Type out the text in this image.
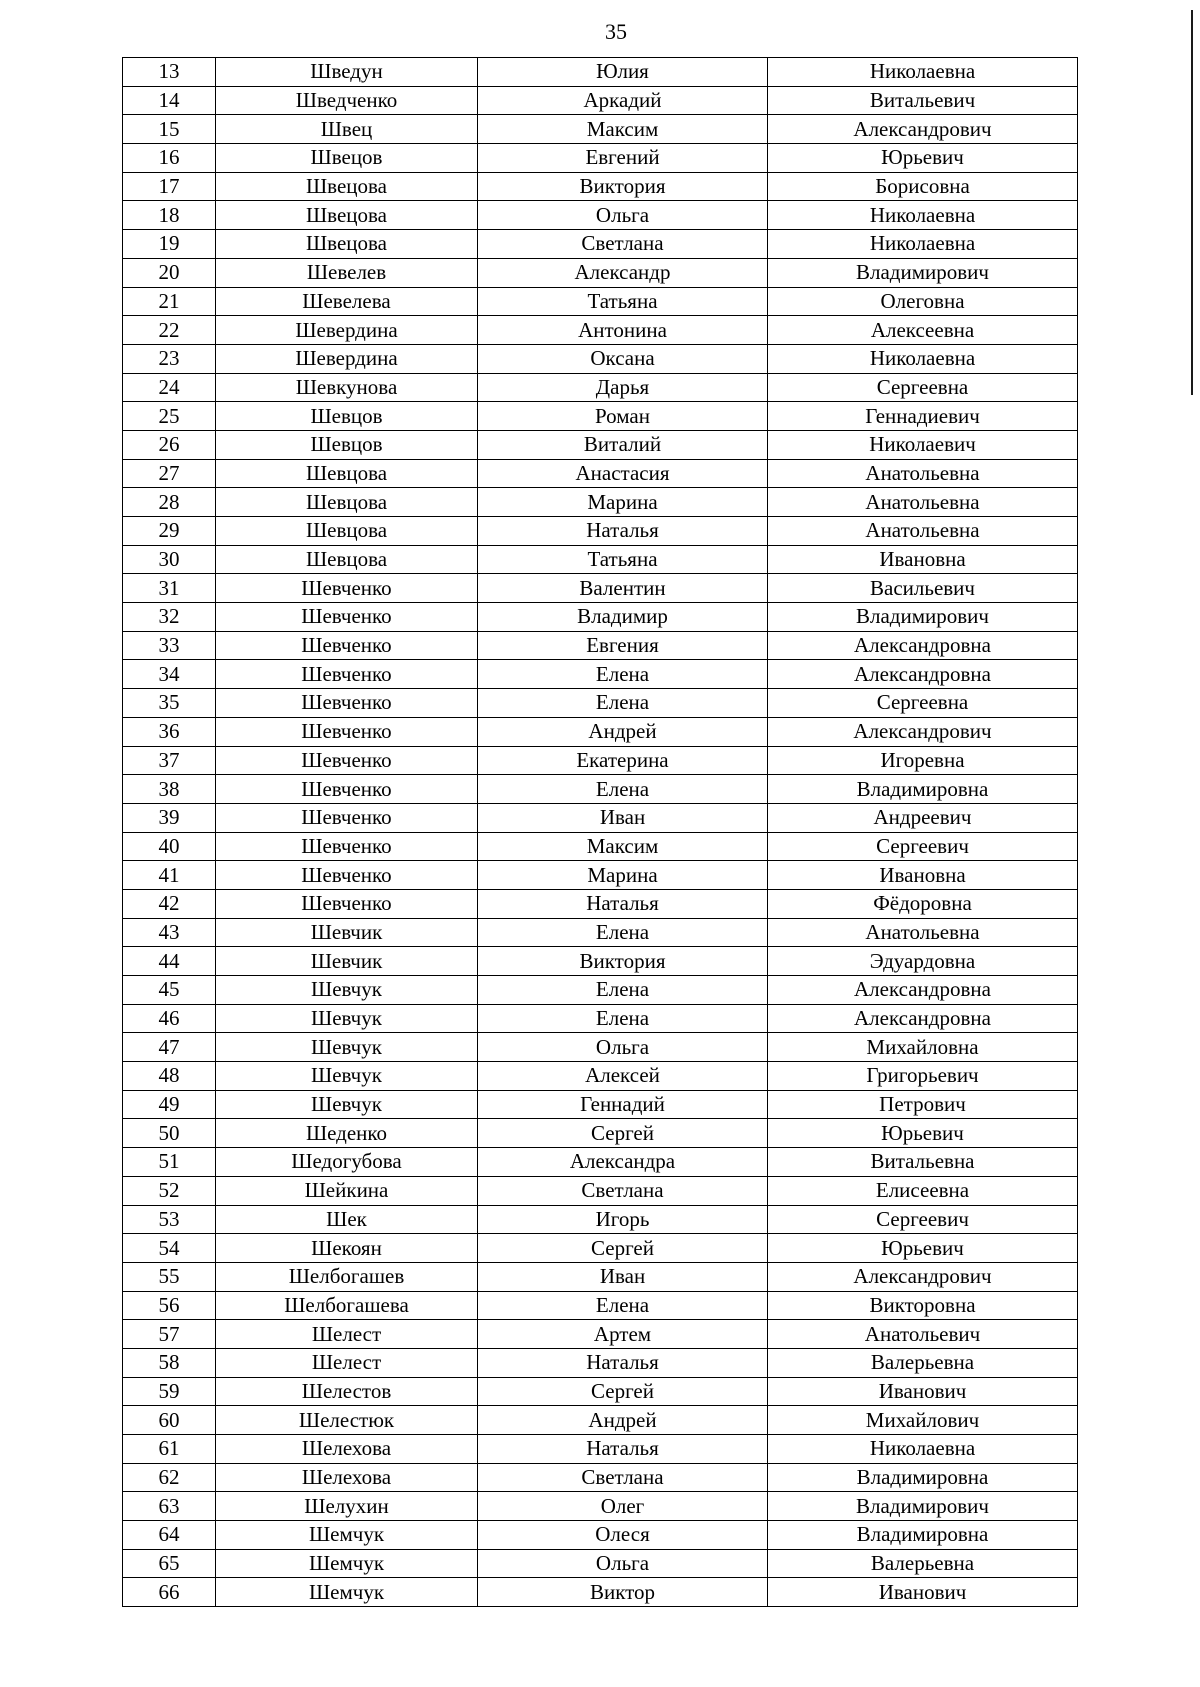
35
13	Шведун	Юлия	Николаевна
14	Шведченко	Аркадий	Витальевич
15	Швец	Максим	Александрович
16	Швецов	Евгений	Юрьевич
17	Швецова	Виктория	Борисовна
18	Швецова	Ольга	Николаевна
19	Швецова	Светлана	Николаевна
20	Шевелев	Александр	Владимирович
21	Шевелева	Татьяна	Олеговна
22	Шевердина	Антонина	Алексеевна
23	Шевердина	Оксана	Николаевна
24	Шевкунова	Дарья	Сергеевна
25	Шевцов	Роман	Геннадиевич
26	Шевцов	Виталий	Николаевич
27	Шевцова	Анастасия	Анатольевна
28	Шевцова	Марина	Анатольевна
29	Шевцова	Наталья	Анатольевна
30	Шевцова	Татьяна	Ивановна
31	Шевченко	Валентин	Васильевич
32	Шевченко	Владимир	Владимирович
33	Шевченко	Евгения	Александровна
34	Шевченко	Елена	Александровна
35	Шевченко	Елена	Сергеевна
36	Шевченко	Андрей	Александрович
37	Шевченко	Екатерина	Игоревна
38	Шевченко	Елена	Владимировна
39	Шевченко	Иван	Андреевич
40	Шевченко	Максим	Сергеевич
41	Шевченко	Марина	Ивановна
42	Шевченко	Наталья	Фёдоровна
43	Шевчик	Елена	Анатольевна
44	Шевчик	Виктория	Эдуардовна
45	Шевчук	Елена	Александровна
46	Шевчук	Елена	Александровна
47	Шевчук	Ольга	Михайловна
48	Шевчук	Алексей	Григорьевич
49	Шевчук	Геннадий	Петрович
50	Шеденко	Сергей	Юрьевич
51	Шедогубова	Александра	Витальевна
52	Шейкина	Светлана	Елисеевна
53	Шек	Игорь	Сергеевич
54	Шекоян	Сергей	Юрьевич
55	Шелбогашев	Иван	Александрович
56	Шелбогашева	Елена	Викторовна
57	Шелест	Артем	Анатольевич
58	Шелест	Наталья	Валерьевна
59	Шелестов	Сергей	Иванович
60	Шелестюк	Андрей	Михайлович
61	Шелехова	Наталья	Николаевна
62	Шелехова	Светлана	Владимировна
63	Шелухин	Олег	Владимирович
64	Шемчук	Олеся	Владимировна
65	Шемчук	Ольга	Валерьевна
66	Шемчук	Виктор	Иванович
